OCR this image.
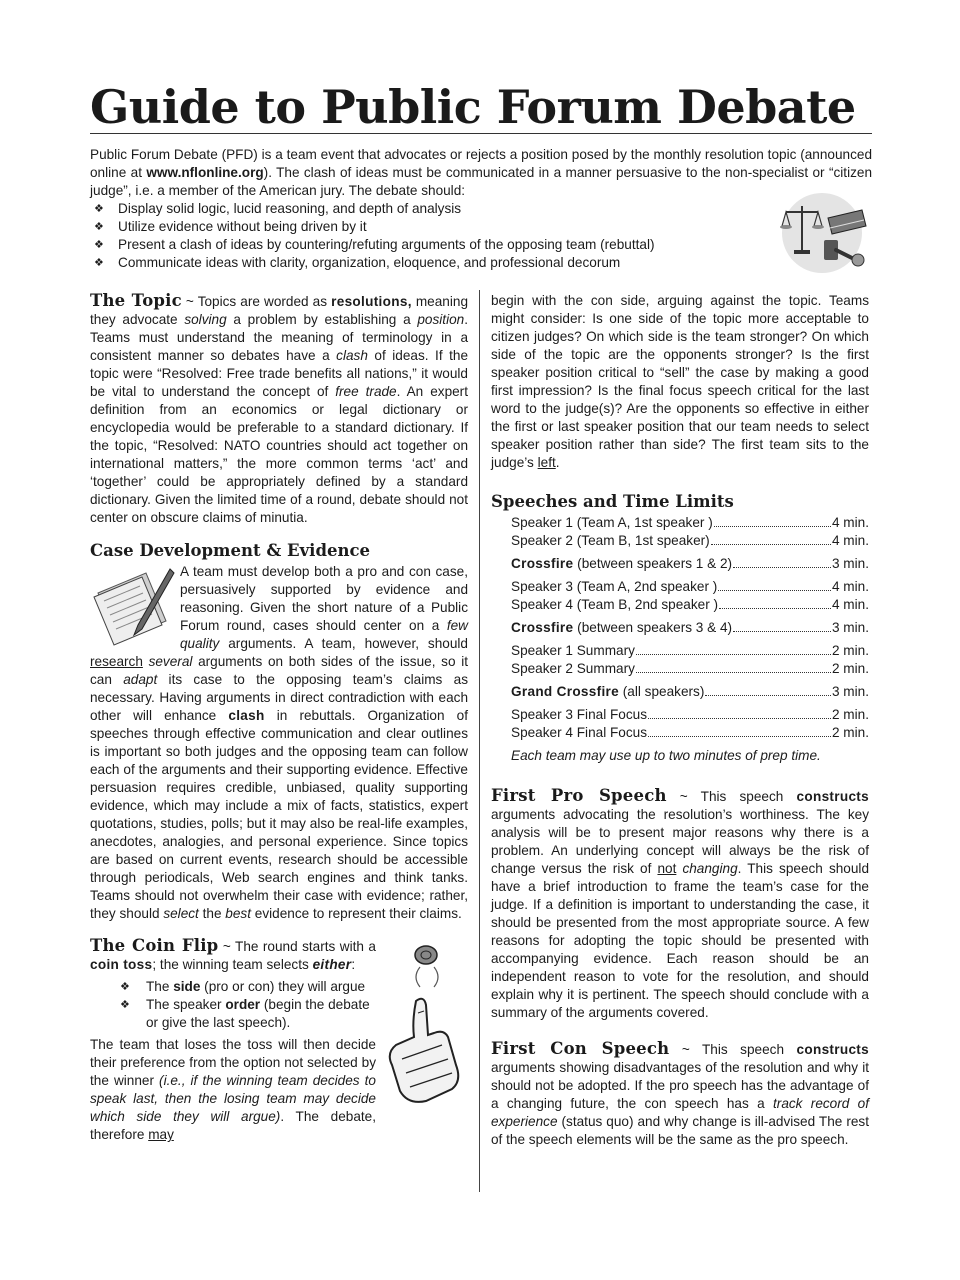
Guide to Public Forum Debate

Public Forum Debate (PFD) is a team event that advocates or rejects a position posed by the monthly resolution topic (announced online at www.nflonline.org). The clash of ideas must be communicated in a manner persuasive to the non-specialist or “citizen judge”, i.e. a member of the American jury. The debate should:

❖ Display solid logic, lucid reasoning, and depth of analysis
❖ Utilize evidence without being driven by it
❖ Present a clash of ideas by countering/refuting arguments of the opposing team (rebuttal)
❖ Communicate ideas with clarity, organization, eloquence, and professional decorum

The Topic ~ Topics are worded as resolutions, meaning they advocate solving a problem by establishing a position. Teams must understand the meaning of terminology in a consistent manner so debates have a clash of ideas. If the topic were “Resolved: Free trade benefits all nations,” it would be vital to understand the concept of free trade. An expert definition from an economics or legal dictionary or encyclopedia would be preferable to a standard dictionary. If the topic, “Resolved: NATO countries should act together on international matters,” the more common terms ‘act’ and ‘together’ could be appropriately defined by a standard dictionary. Given the limited time of a round, debate should not center on obscure claims of minutia.

Case Development & Evidence

A team must develop both a pro and con case, persuasively supported by evidence and reasoning. Given the short nature of a Public Forum round, cases should center on a few quality arguments. A team, however, should research several arguments on both sides of the issue, so it can adapt its case to the opposing team’s claims as necessary. Having arguments in direct contradiction with each other will enhance clash in rebuttals. Organization of speeches through effective communication and clear outlines is important so both judges and the opposing team can follow each of the arguments and their supporting evidence. Effective persuasion requires credible, unbiased, quality supporting evidence, which may include a mix of facts, statistics, expert quotations, studies, polls; but it may also be real-life examples, anecdotes, analogies, and personal experience. Since topics are based on current events, research should be accessible through periodicals, Web search engines and think tanks. Teams should not overwhelm their case with evidence; rather, they should select the best evidence to represent their claims.

The Coin Flip ~ The round starts with a coin toss; the winning team selects either:

❖ The side (pro or con) they will argue
❖ The speaker order (begin the debate or give the last speech).

The team that loses the toss will then decide their preference from the option not selected by the winner (i.e., if the winning team decides to speak last, then the losing team may decide which side they will argue). The debate, therefore may

begin with the con side, arguing against the topic. Teams might consider: Is one side of the topic more acceptable to citizen judges? On which side is the team stronger? On which side of the topic are the opponents stronger? Is the first speaker position critical to “sell” the case by making a good first impression? Is the final focus speech critical for the last word to the judge(s)? Are the opponents so effective in either the first or last speaker position that our team needs to select speaker position rather than side? The first team sits to the judge’s left.

Speeches and Time Limits
Speaker 1 (Team A, 1st speaker )	4 min.
Speaker 2 (Team B, 1st speaker)	4 min.
Crossfire (between speakers 1 & 2)	3 min.
Speaker 3 (Team A, 2nd speaker )	4 min.
Speaker 4 (Team B, 2nd speaker )	4 min.
Crossfire (between speakers 3 & 4)	3 min.
Speaker 1 Summary	2 min.
Speaker 2 Summary	2 min.
Grand Crossfire (all speakers)	3 min.
Speaker 3 Final Focus	2 min.
Speaker 4 Final Focus	2 min.
Each team may use up to two minutes of prep time.

First Pro Speech ~ This speech constructs arguments advocating the resolution’s worthiness. The key analysis will be to present major reasons why there is a problem. An underlying concept will always be the risk of change versus the risk of not changing. This speech should have a brief introduction to frame the team’s case for the judge. If a definition is important to understanding the case, it should be presented from the most appropriate source. A few reasons for adopting the topic should be presented with accompanying evidence. Each reason should be an independent reason to vote for the resolution, and should explain why it is pertinent. The speech should conclude with a summary of the arguments covered.

First Con Speech ~ This speech constructs arguments showing disadvantages of the resolution and why it should not be adopted. If the pro speech has the advantage of a changing future, the con speech has a track record of experience (status quo) and why change is ill-advised The rest of the speech elements will be the same as the pro speech.
